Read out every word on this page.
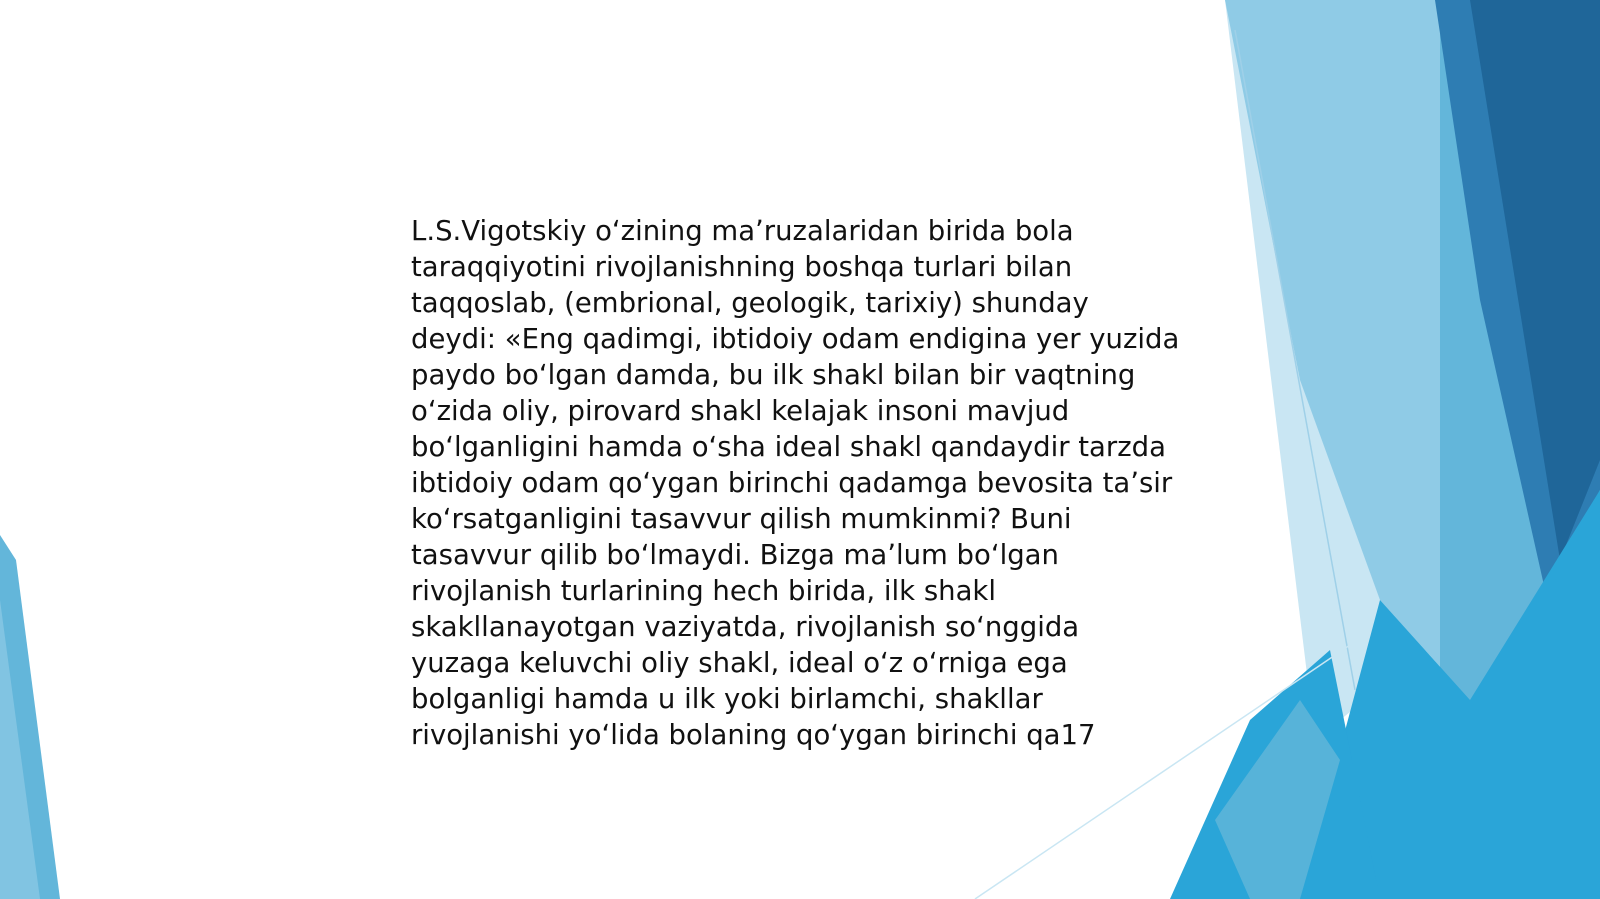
L.S.Vigotskiy oʻzining maʼruzalaridan birida bola
taraqqiyotini rivojlanishning boshqa turlari bilan
taqqoslab, (embrional, geologik, tarixiy) shunday
deydi: «Eng qadimgi, ibtidoiy odam endigina yer yuzida
paydo boʻlgan damda, bu ilk shakl bilan bir vaqtning
oʻzida oliy, pirovard shakl kelajak insoni mavjud
boʻlganligini hamda oʻsha ideal shakl qandaydir tarzda
ibtidoiy odam qoʻygan birinchi qadamga bevosita taʼsir
koʻrsatganligini tasavvur qilish mumkinmi? Buni
tasavvur qilib boʻlmaydi. Bizga maʼlum boʻlgan
rivojlanish turlarining hech birida, ilk shakl
skakllanayotgan vaziyatda, rivojlanish soʻnggida
yuzaga keluvchi oliy shakl, ideal oʻz oʻrniga ega
bolganligi hamda u ilk yoki birlamchi, shakllar
rivojlanishi yoʻlida bolaning qoʻygan birinchi qa17
